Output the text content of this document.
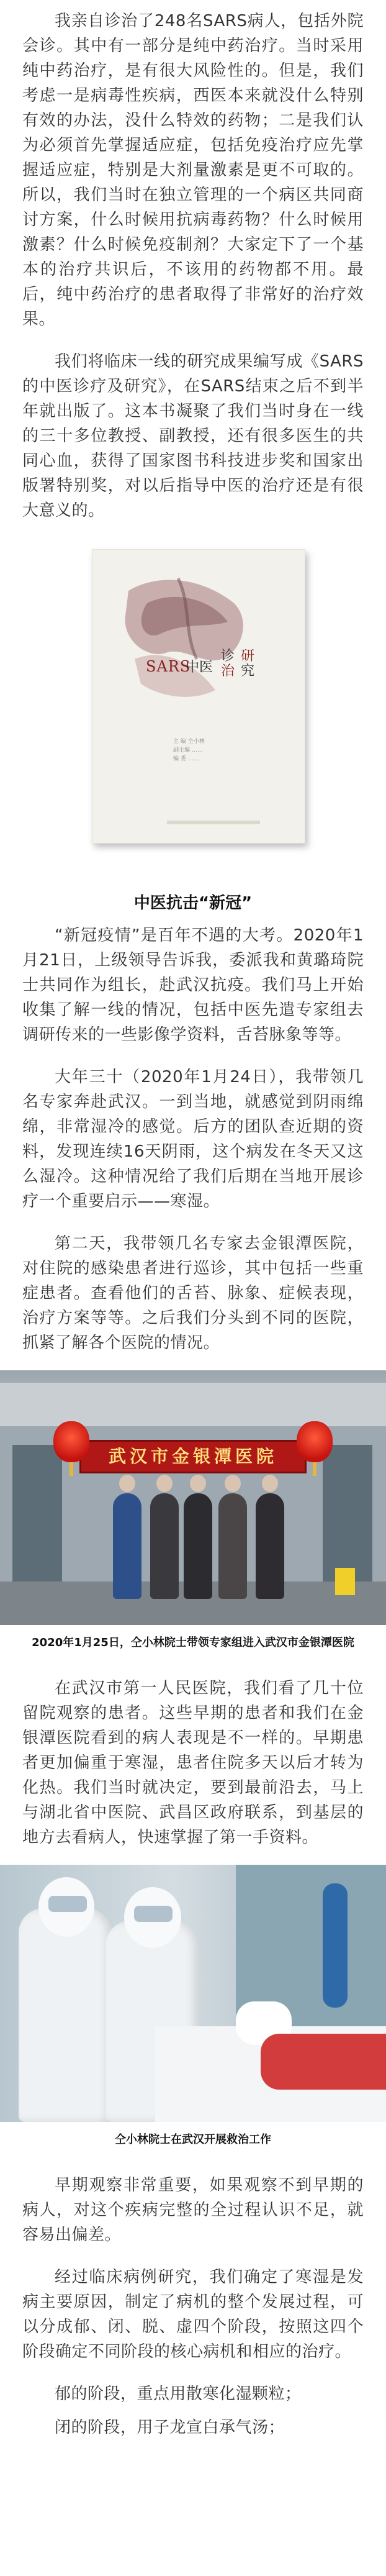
我亲自诊治了248名SARS病人，包括外院会诊。其中有一部分是纯中药治疗。当时采用纯中药治疗，是有很大风险性的。但是，我们考虑一是病毒性疾病，西医本来就没什么特别有效的办法，没什么特效的药物；二是我们认为必须首先掌握适应症，包括免疫治疗应先掌握适应症，特别是大剂量激素是更不可取的。所以，我们当时在独立管理的一个病区共同商讨方案，什么时候用抗病毒药物？什么时候用激素？什么时候免疫制剂？大家定下了一个基本的治疗共识后，不该用的药物都不用。最后，纯中药治疗的患者取得了非常好的治疗效果。

我们将临床一线的研究成果编写成《SARS的中医诊疗及研究》，在SARS结束之后不到半年就出版了。这本书凝聚了我们当时身在一线的三十多位教授、副教授，还有很多医生的共同心血，获得了国家图书科技进步奖和国家出版署特别奖，对以后指导中医的治疗还是有很大意义的。

SARS
中医
诊
治
研
究
主 编 仝小林
副主编 ……
编 委 ……
中医抗击“新冠”

“新冠疫情”是百年不遇的大考。2020年1月21日，上级领导告诉我，委派我和黄璐琦院士共同作为组长，赴武汉抗疫。我们马上开始收集了解一线的情况，包括中医先遣专家组去调研传来的一些影像学资料，舌苔脉象等等。

大年三十（2020年1月24日），我带领几名专家奔赴武汉。一到当地，就感觉到阴雨绵绵，非常湿冷的感觉。后方的团队查近期的资料，发现连续16天阴雨，这个病发在冬天又这么湿冷。这种情况给了我们后期在当地开展诊疗一个重要启示——寒湿。

第二天，我带领几名专家去金银潭医院，对住院的感染患者进行巡诊，其中包括一些重症患者。查看他们的舌苔、脉象、症候表现，治疗方案等等。之后我们分头到不同的医院，抓紧了解各个医院的情况。

武汉市金银潭医院

2020年1月25日，仝小林院士带领专家组进入武汉市金银潭医院

在武汉市第一人民医院，我们看了几十位留院观察的患者。这些早期的患者和我们在金银潭医院看到的病人表现是不一样的。早期患者更加偏重于寒湿，患者住院多天以后才转为化热。我们当时就决定，要到最前沿去，马上与湖北省中医院、武昌区政府联系，到基层的地方去看病人，快速掌握了第一手资料。

仝小林院士在武汉开展救治工作

早期观察非常重要，如果观察不到早期的病人，对这个疾病完整的全过程认识不足，就容易出偏差。

经过临床病例研究，我们确定了寒湿是发病主要原因，制定了病机的整个发展过程，可以分成郁、闭、脱、虚四个阶段，按照这四个阶段确定不同阶段的核心病机和相应的治疗。

郁的阶段，重点用散寒化湿颗粒；

闭的阶段，用子龙宣白承气汤；
